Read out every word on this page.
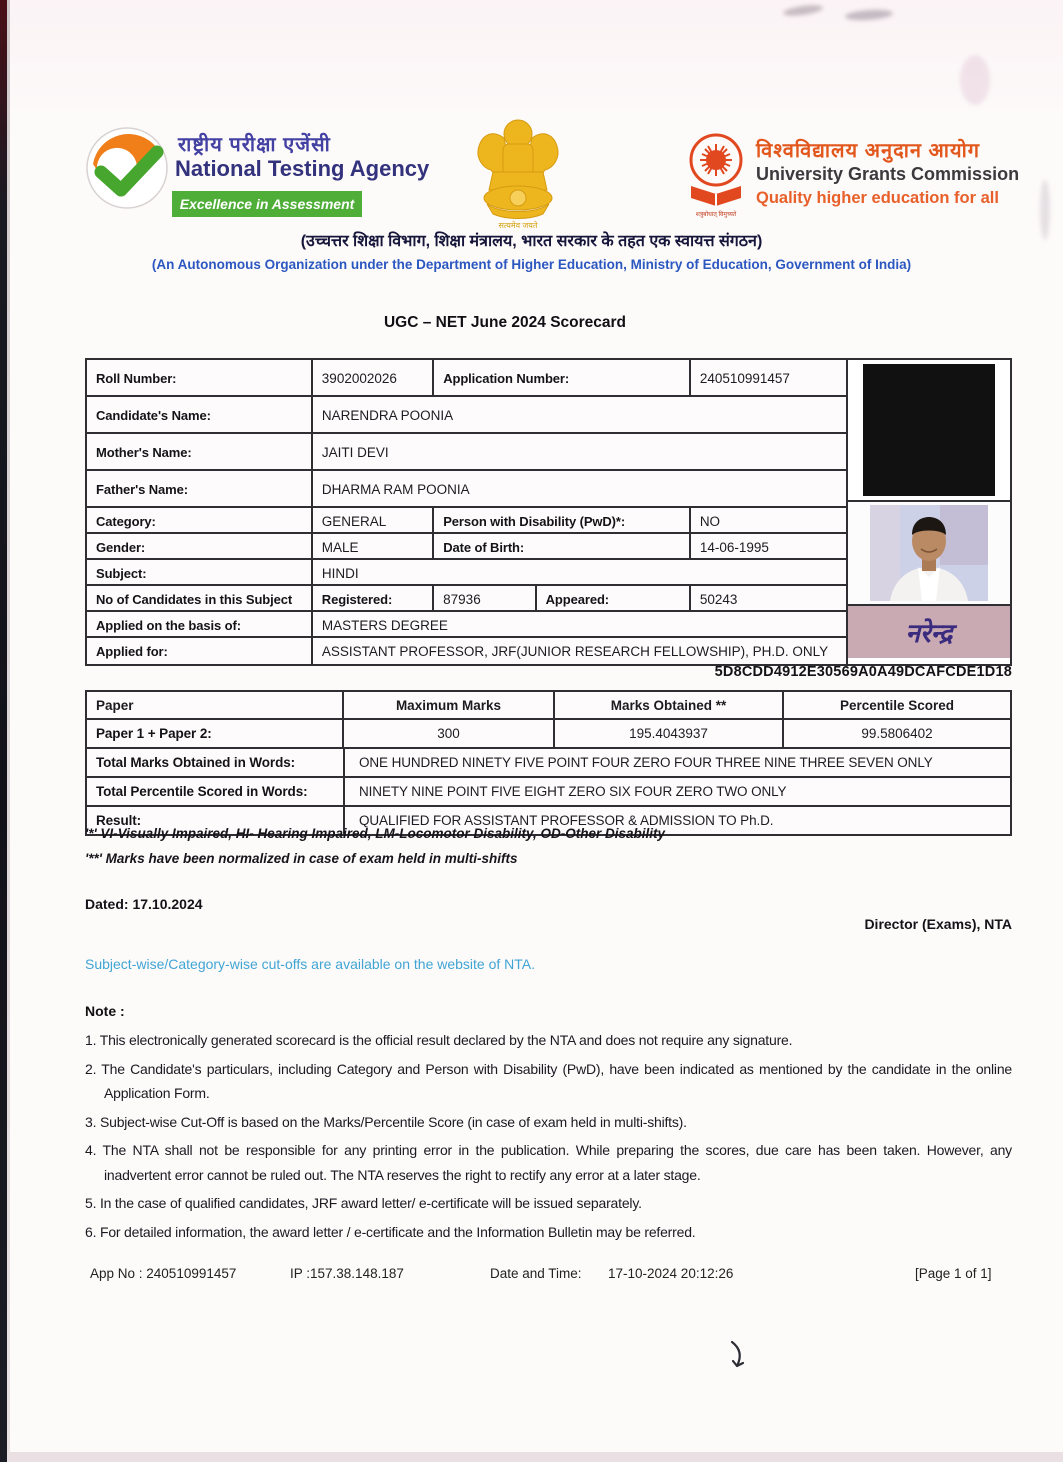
राष्ट्रीय परीक्षा एजेंसी
National Testing Agency
Excellence in Assessment
सत्यमेव जयते
शत्रुबोधात् विमुच्यते
विश्वविद्यालय अनुदान आयोग
University Grants Commission
Quality higher education for all
(उच्चत्तर शिक्षा विभाग, शिक्षा मंत्रालय, भारत सरकार के तहत एक स्वायत्त संगठन)
(An Autonomous Organization under the Department of Higher Education, Ministry of Education, Government of India)
UGC – NET June 2024 Scorecard
Roll Number:	3902002026	Application Number:	240510991457
Candidate's Name:	NARENDRA POONIA
Mother's Name:	JAITI DEVI
Father's Name:	DHARMA RAM POONIA
Category:	GENERAL	Person with Disability (PwD)*:	NO
Gender:	MALE	Date of Birth:	14-06-1995
Subject:	HINDI
No of Candidates in this Subject	Registered:	87936	Appeared:	50243
Applied on the basis of:	MASTERS DEGREE
Applied for:	ASSISTANT PROFESSOR, JRF(JUNIOR RESEARCH FELLOWSHIP), PH.D. ONLY
नरेन्द्र
5D8CDD4912E30569A0A49DCAFCDE1D18
Paper	Maximum Marks	Marks Obtained **	Percentile Scored
Paper 1 + Paper 2:	300	195.4043937	99.5806402
Total Marks Obtained in Words:	ONE HUNDRED NINETY FIVE POINT FOUR ZERO FOUR THREE NINE THREE SEVEN ONLY
Total Percentile Scored in Words:	NINETY NINE POINT FIVE EIGHT ZERO SIX FOUR ZERO TWO ONLY
Result:	QUALIFIED FOR ASSISTANT PROFESSOR & ADMISSION TO Ph.D.
'*' VI-Visually Impaired, HI- Hearing Impaired, LM-Locomotor Disability, OD-Other Disability
'**' Marks have been normalized in case of exam held in multi-shifts
Dated: 17.10.2024
Director (Exams), NTA
Subject-wise/Category-wise cut-offs are available on the website of NTA.
Note :
1. This electronically generated scorecard is the official result declared by the NTA and does not require any signature.
2. The Candidate's particulars, including Category and Person with Disability (PwD), have been indicated as mentioned by the candidate in the online Application Form.
3. Subject-wise Cut-Off is based on the Marks/Percentile Score (in case of exam held in multi-shifts).
4. The NTA shall not be responsible for any printing error in the publication. While preparing the scores, due care has been taken. However, any inadvertent error cannot be ruled out. The NTA reserves the right to rectify any error at a later stage.
5. In the case of qualified candidates, JRF award letter/ e-certificate will be issued separately.
6. For detailed information, the award letter / e-certificate and the Information Bulletin may be referred.
App No : 240510991457	IP :157.38.148.187	Date and Time: 17-10-2024 20:12:26	[Page 1 of 1]
